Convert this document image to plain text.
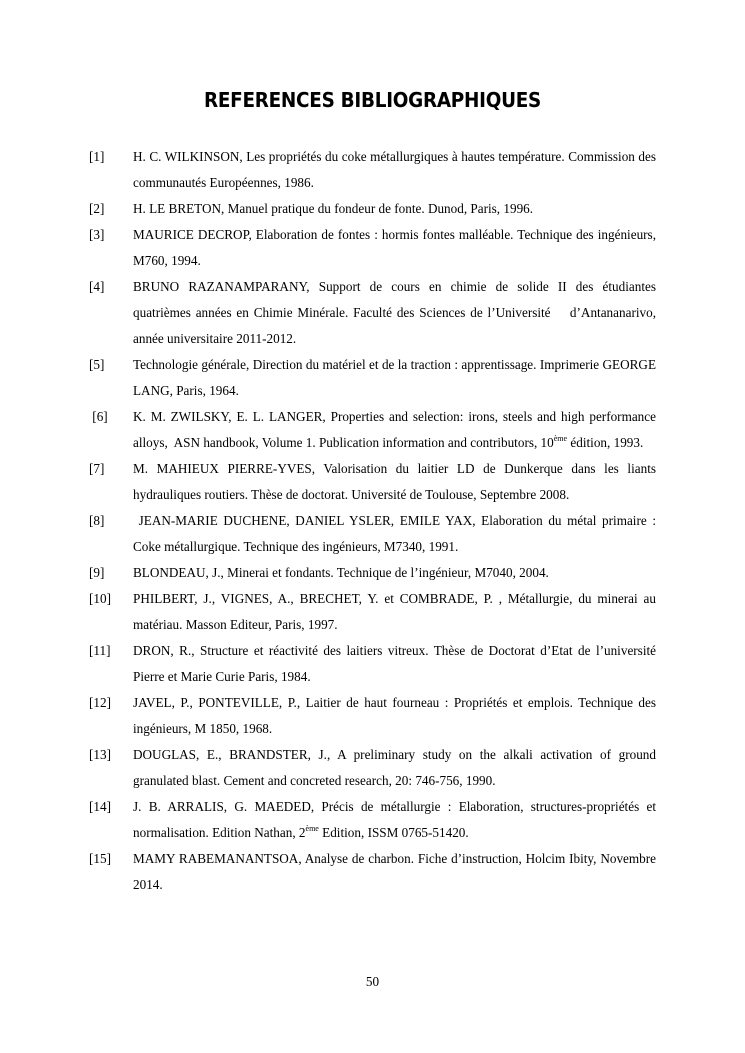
REFERENCES BIBLIOGRAPHIQUES
[1] H. C. WILKINSON, Les propriétés du coke métallurgiques à hautes température. Commission des communautés Européennes, 1986.
[2] H. LE BRETON, Manuel pratique du fondeur de fonte. Dunod, Paris, 1996.
[3] MAURICE DECROP, Elaboration de fontes : hormis fontes malléable. Technique des ingénieurs, M760, 1994.
[4] BRUNO RAZANAMPARANY, Support de cours en chimie de solide II des étudiantes     quatrièmes années en Chimie Minérale. Faculté des Sciences de l’Université    d’Antananarivo, année universitaire 2011-2012.
[5] Technologie générale, Direction du matériel et de la traction : apprentissage. Imprimerie GEORGE LANG, Paris, 1964.
[6] K. M. ZWILSKY, E. L. LANGER, Properties and selection: irons, steels and high performance alloys,  ASN handbook, Volume 1. Publication information and contributors, 10ème édition, 1993.
[7] M. MAHIEUX PIERRE-YVES, Valorisation du laitier LD de Dunkerque dans les liants hydrauliques routiers. Thèse de doctorat. Université de Toulouse, Septembre 2008.
[8] JEAN-MARIE DUCHENE, DANIEL YSLER, EMILE YAX, Elaboration du métal primaire : Coke métallurgique. Technique des ingénieurs, M7340, 1991.
[9] BLONDEAU, J., Minerai et fondants. Technique de l’ingénieur, M7040, 2004.
[10] PHILBERT, J., VIGNES, A., BRECHET, Y. et COMBRADE, P. , Métallurgie, du minerai au matériau. Masson Editeur, Paris, 1997.
[11] DRON, R., Structure et réactivité des laitiers vitreux. Thèse de Doctorat d’Etat de l’université Pierre et Marie Curie Paris, 1984.
[12] JAVEL, P., PONTEVILLE, P., Laitier de haut fourneau : Propriétés et emplois. Technique des ingénieurs, M 1850, 1968.
[13] DOUGLAS, E., BRANDSTER, J., A preliminary study on the alkali activation of ground granulated blast. Cement and concreted research, 20: 746-756, 1990.
[14] J. B. ARRALIS, G. MAEDED, Précis de métallurgie : Elaboration, structures-propriétés et normalisation. Edition Nathan, 2ème Edition, ISSM 0765-51420.
[15] MAMY RABEMANANTSOA, Analyse de charbon. Fiche d’instruction, Holcim Ibity, Novembre 2014.

50
